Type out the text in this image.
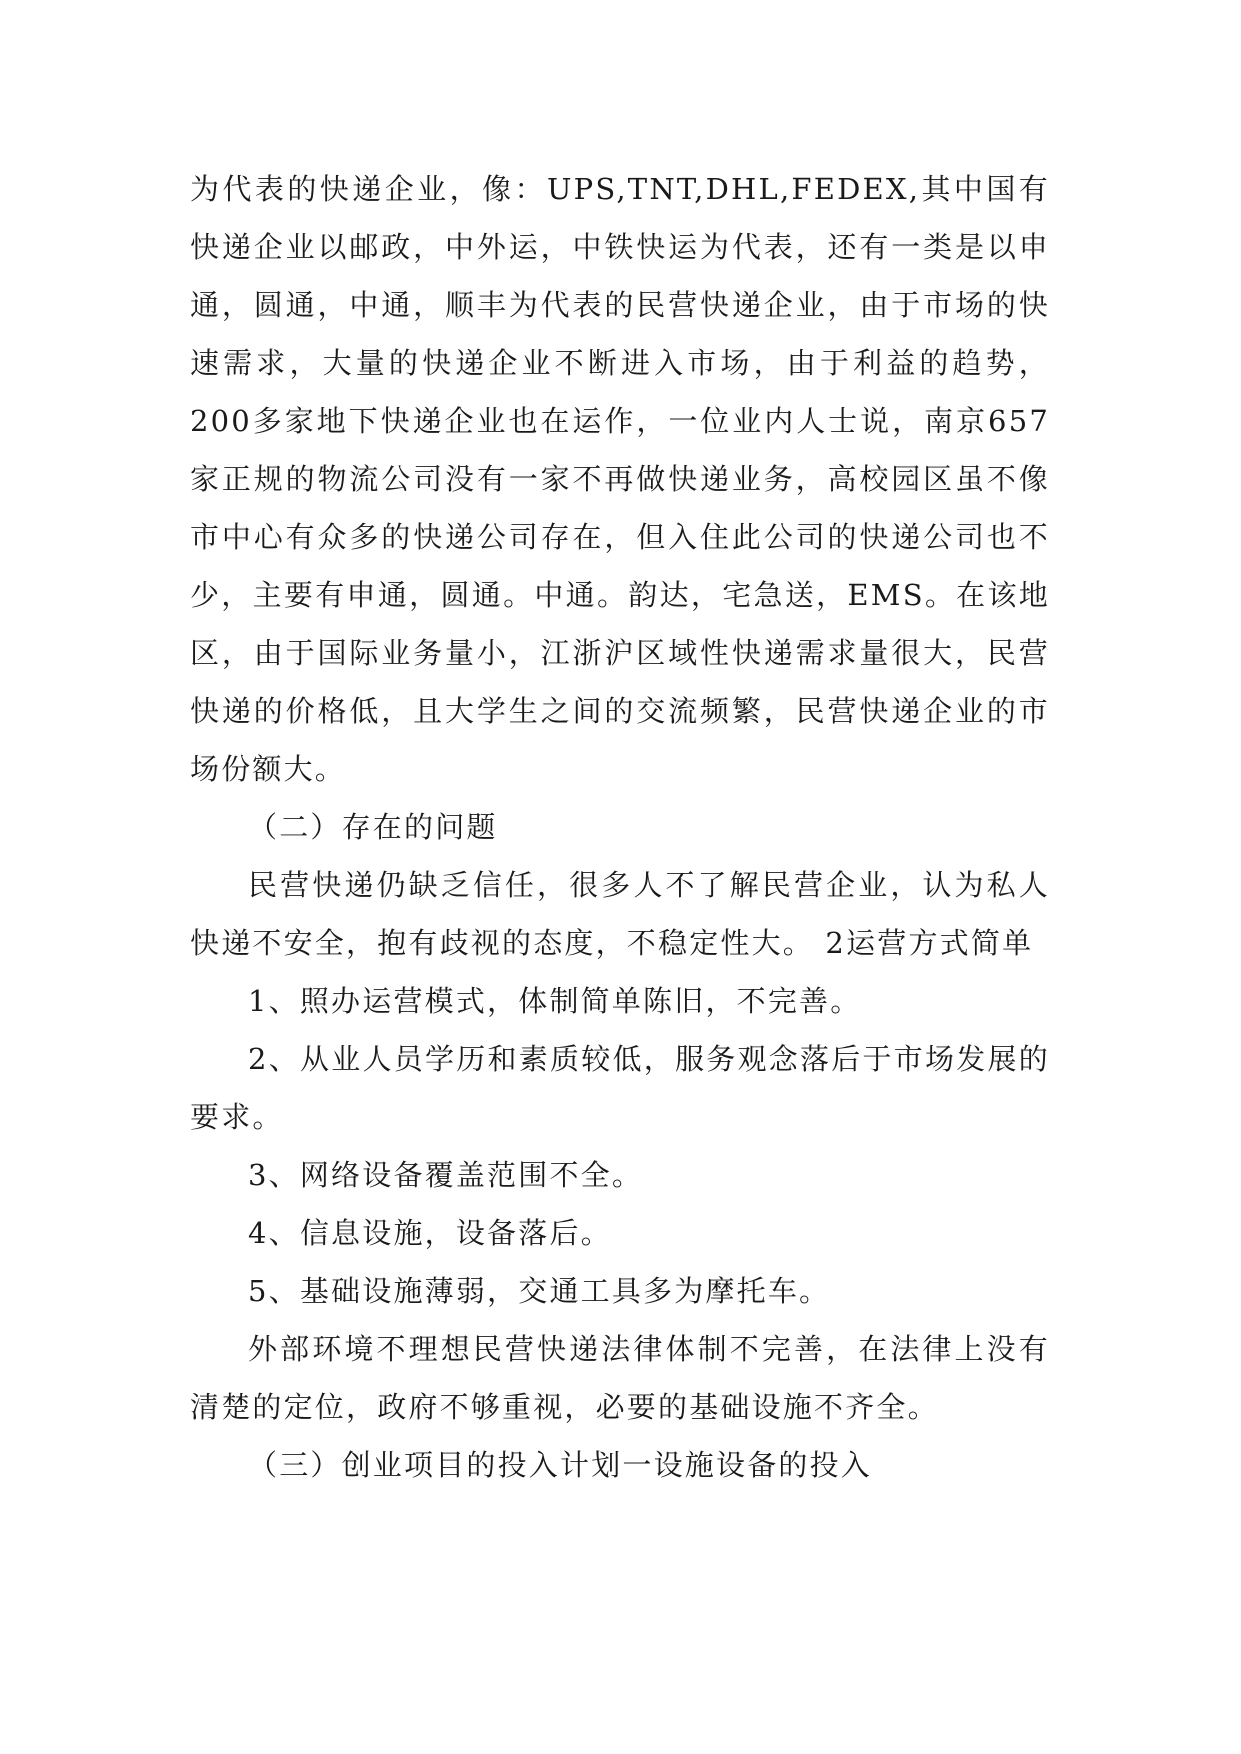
为代表的快递企业，像：UPS,TNT,DHL,FEDEX,其中国有快递企业以邮政，中外运，中铁快运为代表，还有一类是以申通，圆通，中通，顺丰为代表的民营快递企业，由于市场的快速需求，大量的快递企业不断进入市场，由于利益的趋势，200多家地下快递企业也在运作，一位业内人士说，南京657家正规的物流公司没有一家不再做快递业务，高校园区虽不像市中心有众多的快递公司存在，但入住此公司的快递公司也不少，主要有申通，圆通。中通。韵达，宅急送，EMS。在该地区，由于国际业务量小，江浙沪区域性快递需求量很大，民营快递的价格低，且大学生之间的交流频繁，民营快递企业的市场份额大。

（二）存在的问题

民营快递仍缺乏信任，很多人不了解民营企业，认为私人快递不安全，抱有歧视的态度，不稳定性大。 2运营方式简单

1、照办运营模式，体制简单陈旧，不完善。

2、从业人员学历和素质较低，服务观念落后于市场发展的要求。

3、网络设备覆盖范围不全。

4、信息设施，设备落后。

5、基础设施薄弱，交通工具多为摩托车。

外部环境不理想民营快递法律体制不完善，在法律上没有清楚的定位，政府不够重视，必要的基础设施不齐全。

（三）创业项目的投入计划一设施设备的投入
